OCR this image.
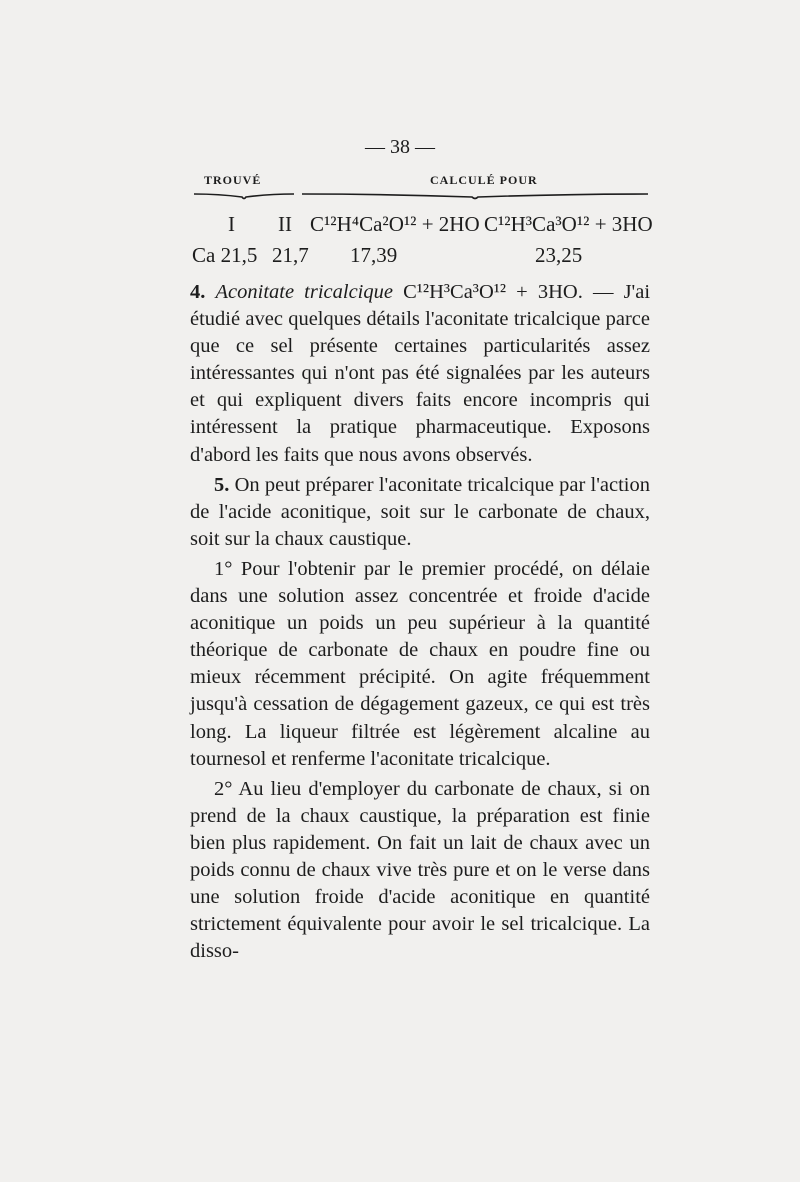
— 38 —
TROUVÉ	CALCULÉ POUR
I II C¹²H⁴Ca²O¹² + 2HO C¹²H³Ca³O¹² + 3HO
Ca 21,5 21,7 17,39	23,25

4. Aconitate tricalcique C¹²H³Ca³O¹² + 3HO. — J'ai étudié avec quelques détails l'aconitate tricalcique parce que ce sel présente certaines particularités assez intéressantes qui n'ont pas été signalées par les auteurs et qui expliquent divers faits encore incompris qui intéressent la pratique pharmaceutique. Exposons d'abord les faits que nous avons observés.

5. On peut préparer l'aconitate tricalcique par l'action de l'acide aconitique, soit sur le carbonate de chaux, soit sur la chaux caustique.

1° Pour l'obtenir par le premier procédé, on délaie dans une solution assez concentrée et froide d'acide aconitique un poids un peu supérieur à la quantité théorique de carbonate de chaux en poudre fine ou mieux récemment précipité. On agite fréquemment jusqu'à cessation de dégagement gazeux, ce qui est très long. La liqueur filtrée est légèrement alcaline au tournesol et renferme l'aconitate tricalcique.

2° Au lieu d'employer du carbonate de chaux, si on prend de la chaux caustique, la préparation est finie bien plus rapidement. On fait un lait de chaux avec un poids connu de chaux vive très pure et on le verse dans une solution froide d'acide aconitique en quantité strictement équivalente pour avoir le sel tricalcique. La disso-
